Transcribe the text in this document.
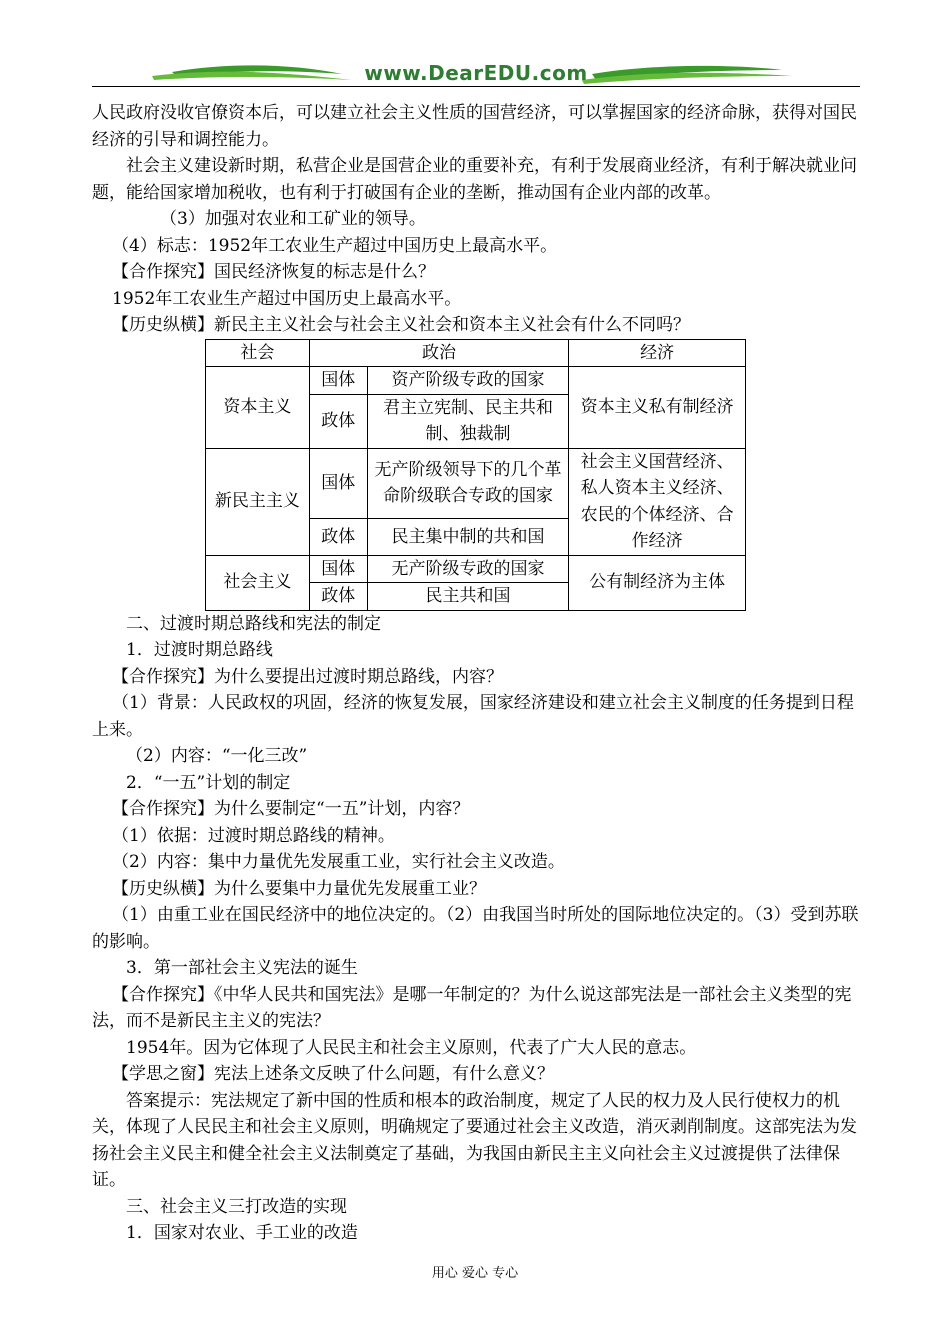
www.DearEDU.com

人民政府没收官僚资本后，可以建立社会主义性质的国营经济，可以掌握国家的经济命脉，获得对国民经济的引导和调控能力。

社会主义建设新时期，私营企业是国营企业的重要补充，有利于发展商业经济，有利于解决就业问题，能给国家增加税收，也有利于打破国有企业的垄断，推动国有企业内部的改革。

（3）加强对农业和工矿业的领导。

（4）标志：1952年工农业生产超过中国历史上最高水平。

【合作探究】国民经济恢复的标志是什么？

1952年工农业生产超过中国历史上最高水平。

【历史纵横】新民主主义社会与社会主义社会和资本主义社会有什么不同吗？

社会	政治		经济
资本主义	国体	资产阶级专政的国家	资本主义私有制经济
	政体	君主立宪制、民主共和制、独裁制	
新民主主义	国体	无产阶级领导下的几个革命阶级联合专政的国家	社会主义国营经济、私人资本主义经济、农民的个体经济、合作经济
	政体	民主集中制的共和国	
社会主义	国体	无产阶级专政的国家	公有制经济为主体
	政体	民主共和国	

二、过渡时期总路线和宪法的制定

1．过渡时期总路线

【合作探究】为什么要提出过渡时期总路线，内容？

（1）背景：人民政权的巩固，经济的恢复发展，国家经济建设和建立社会主义制度的任务提到日程上来。

（2）内容：“一化三改”

2．“一五”计划的制定

【合作探究】为什么要制定“一五”计划，内容？

（1）依据：过渡时期总路线的精神。

（2）内容：集中力量优先发展重工业，实行社会主义改造。

【历史纵横】为什么要集中力量优先发展重工业？

（1）由重工业在国民经济中的地位决定的。（2）由我国当时所处的国际地位决定的。（3）受到苏联的影响。

3．第一部社会主义宪法的诞生

【合作探究】《中华人民共和国宪法》是哪一年制定的？为什么说这部宪法是一部社会主义类型的宪法，而不是新民主主义的宪法？

1954年。因为它体现了人民民主和社会主义原则，代表了广大人民的意志。

【学思之窗】宪法上述条文反映了什么问题，有什么意义？

答案提示：宪法规定了新中国的性质和根本的政治制度，规定了人民的权力及人民行使权力的机关，体现了人民民主和社会主义原则，明确规定了要通过社会主义改造，消灭剥削制度。这部宪法为发扬社会主义民主和健全社会主义法制奠定了基础，为我国由新民主主义向社会主义过渡提供了法律保证。

三、社会主义三打改造的实现

1．国家对农业、手工业的改造

用心 爱心 专心
